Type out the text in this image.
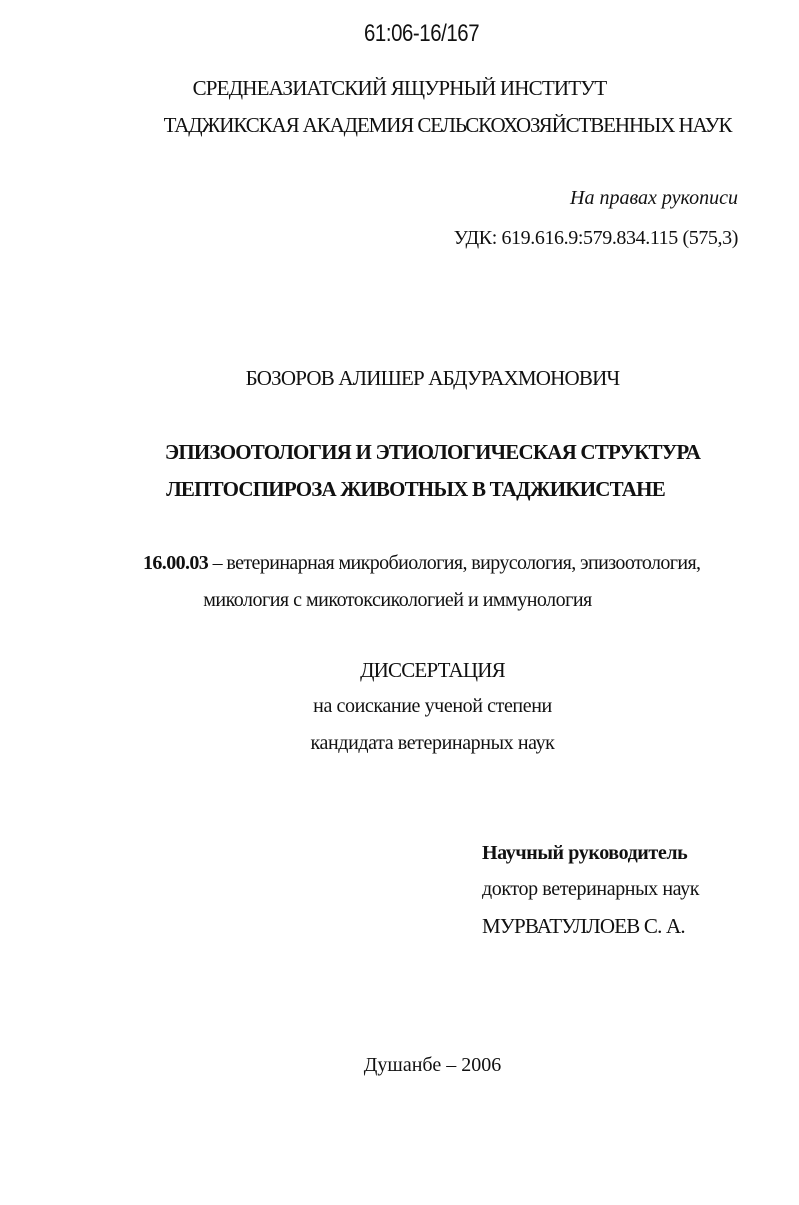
61:06-16/167
СРЕДНЕАЗИАТСКИЙ ЯЩУРНЫЙ ИНСТИТУТ
ТАДЖИКСКАЯ АКАДЕМИЯ СЕЛЬСКОХОЗЯЙСТВЕННЫХ НАУК
На правах рукописи
УДК: 619.616.9:579.834.115 (575,3)
БОЗОРОВ АЛИШЕР АБДУРАХМОНОВИЧ
ЭПИЗООТОЛОГИЯ И ЭТИОЛОГИЧЕСКАЯ СТРУКТУРА
ЛЕПТОСПИРОЗА ЖИВОТНЫХ В ТАДЖИКИСТАНЕ
16.00.03 – ветеринарная микробиология, вирусология, эпизоотология,
микология с микотоксикологией и иммунология
ДИССЕРТАЦИЯ
на соискание ученой степени
кандидата ветеринарных наук
Научный руководитель
доктор ветеринарных наук
МУРВАТУЛЛОЕВ С. А.
Душанбе – 2006
